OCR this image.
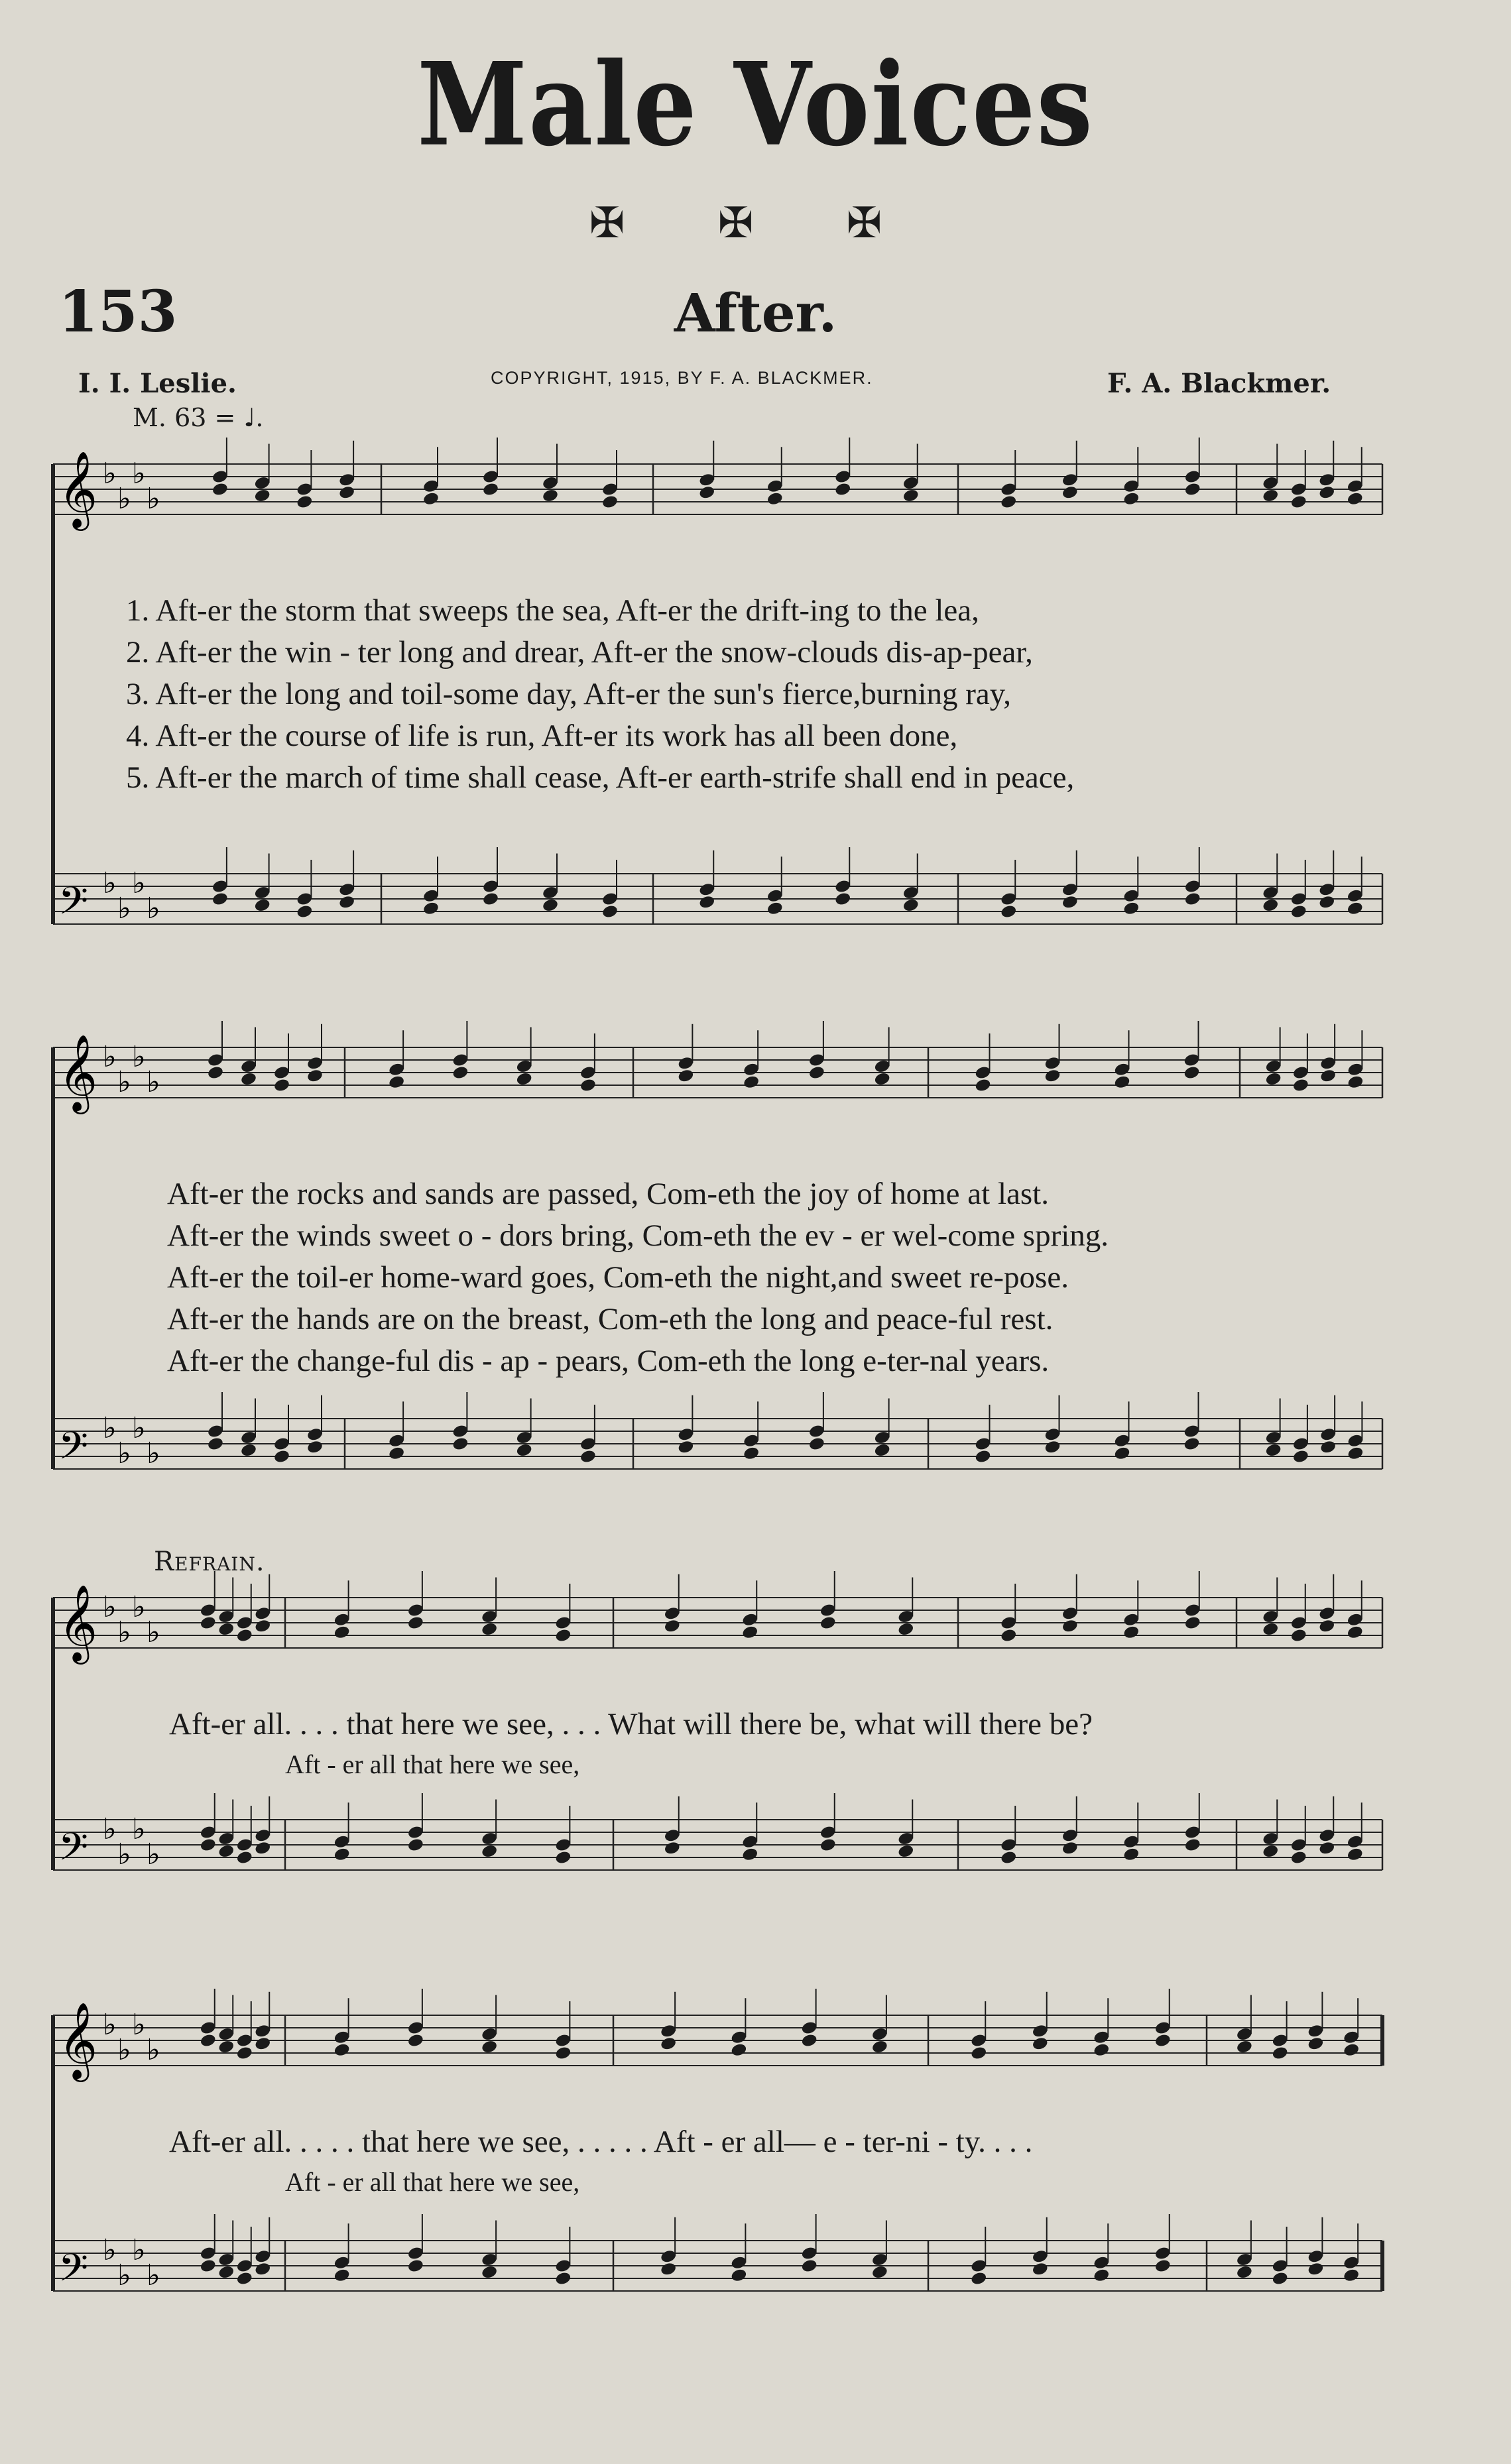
Male Voices
✠ ✠ ✠
153	After.
I. I. Leslie.	COPYRIGHT, 1915, BY F. A. BLACKMER.	F. A. Blackmer.
M. 63 = ♩.
𝄞 ♭
♭
♭
♭
𝄢 ♭
♭
♭
♭
𝄞 ♭
♭
♭
♭
𝄢 ♭
♭
♭
♭
𝄞 ♭
♭
♭
♭
𝄢 ♭
♭
♭
♭
𝄞 ♭
♭
♭
♭
𝄢 ♭
♭
♭
♭
1. Aft-er the storm that sweeps the sea, Aft-er the drift-ing to the lea,
2. Aft-er the win - ter long and drear, Aft-er the snow-clouds dis-ap-pear,
3. Aft-er the long and toil-some day, Aft-er the sun's fierce,burning ray,
4. Aft-er the course of life is run, Aft-er its work has all been done,
5. Aft-er the march of time shall cease, Aft-er earth-strife shall end in peace,
Aft-er the rocks and sands are passed, Com-eth the joy of home at last.
Aft-er the winds sweet o - dors bring, Com-eth the ev - er wel-come spring.
Aft-er the toil-er home-ward goes, Com-eth the night,and sweet re-pose.
Aft-er the hands are on the breast, Com-eth the long and peace-ful rest.
Aft-er the change-ful dis - ap - pears, Com-eth the long e-ter-nal years.
Refrain.
Aft-er all. . . . that here we see, . . . What will there be, what will there be?
Aft - er all that here we see,
Aft-er all. . . . . that here we see, . . . . . Aft - er all— e - ter-ni - ty. . . .
Aft - er all that here we see,
